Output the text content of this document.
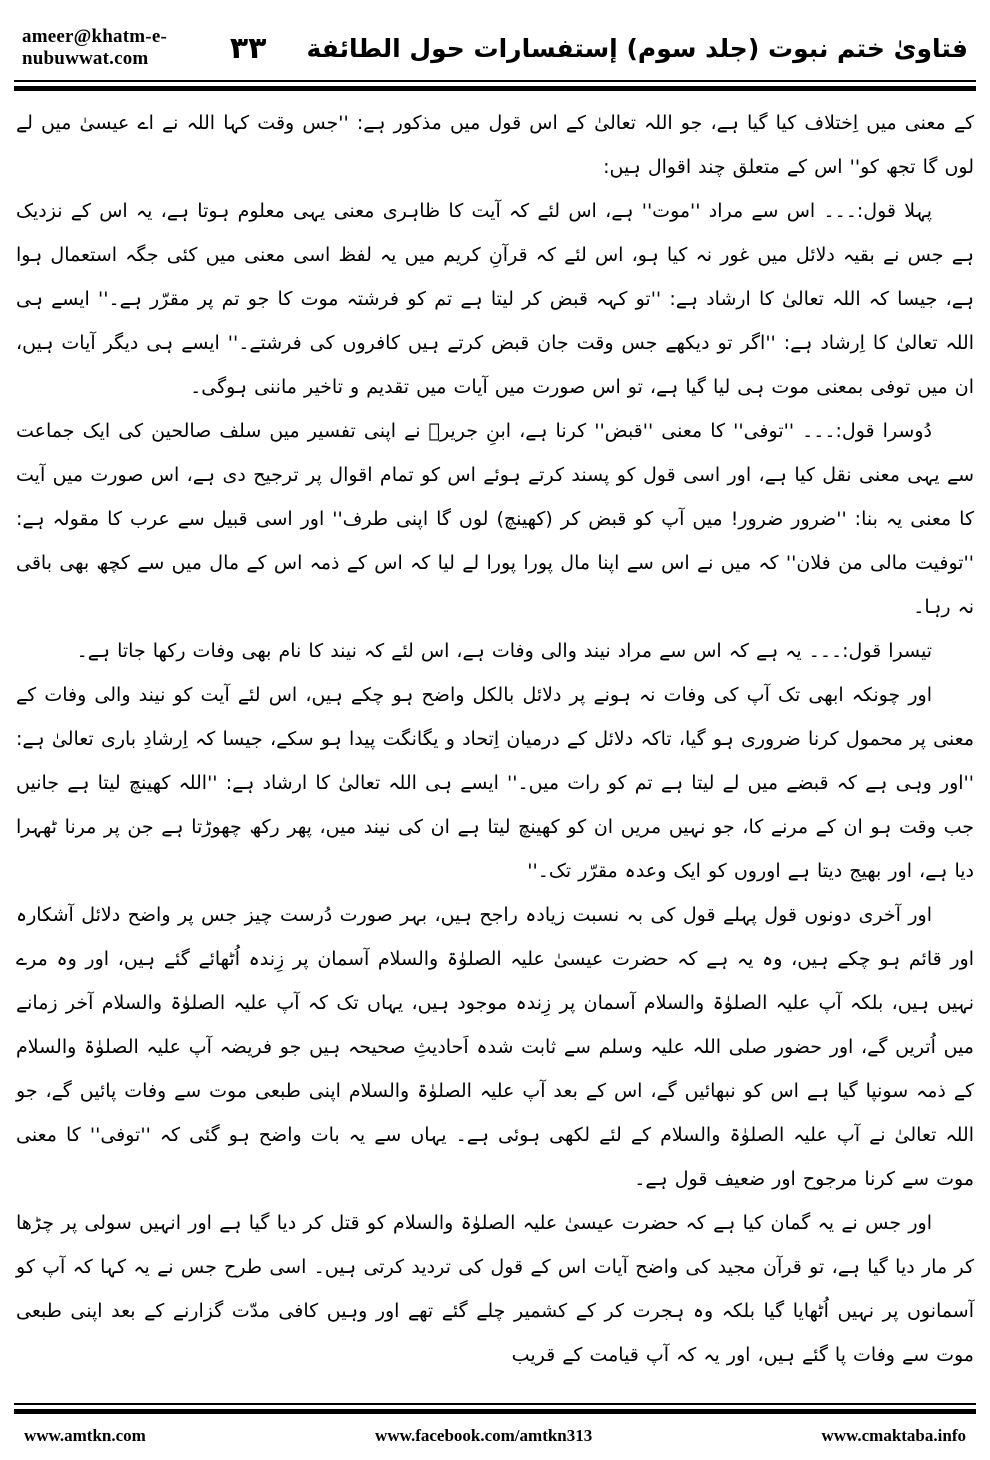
ameer@khatm-e-nubuwwat.com	۳۳ فتاویٰ ختم نبوت (جلد سوم) إستفسارات حول الطائفة

کے معنی میں اِختلاف کیا گیا ہے، جو اللہ تعالیٰ کے اس قول میں مذکور ہے: ''جس وقت کہا اللہ نے اے عیسیٰ میں لے لوں گا تجھ کو'' اس کے متعلق چند اقوال ہیں:

پہلا قول:۔۔۔ اس سے مراد ''موت'' ہے، اس لئے کہ آیت کا ظاہری معنی یہی معلوم ہوتا ہے، یہ اس کے نزدیک ہے جس نے بقیہ دلائل میں غور نہ کیا ہو، اس لئے کہ قرآنِ کریم میں یہ لفظ اسی معنی میں کئی جگہ استعمال ہوا ہے، جیسا کہ اللہ تعالیٰ کا ارشاد ہے: ''تو کہہ قبض کر لیتا ہے تم کو فرشتہ موت کا جو تم پر مقرّر ہے۔'' ایسے ہی اللہ تعالیٰ کا اِرشاد ہے: ''اگر تو دیکھے جس وقت جان قبض کرتے ہیں کافروں کی فرشتے۔'' ایسے ہی دیگر آیات ہیں، ان میں توفی بمعنی موت ہی لیا گیا ہے، تو اس صورت میں آیات میں تقدیم و تاخیر ماننی ہوگی۔

دُوسرا قول:۔۔۔ ''توفی'' کا معنی ''قبض'' کرنا ہے، ابنِ جریرؒ نے اپنی تفسیر میں سلف صالحین کی ایک جماعت سے یہی معنی نقل کیا ہے، اور اسی قول کو پسند کرتے ہوئے اس کو تمام اقوال پر ترجیح دی ہے، اس صورت میں آیت کا معنی یہ بنا: ''ضرور ضرور! میں آپ کو قبض کر (کھینچ) لوں گا اپنی طرف'' اور اسی قبیل سے عرب کا مقولہ ہے: ''توفیت مالی من فلان'' کہ میں نے اس سے اپنا مال پورا پورا لے لیا کہ اس کے ذمہ اس کے مال میں سے کچھ بھی باقی نہ رہا۔

تیسرا قول:۔۔۔ یہ ہے کہ اس سے مراد نیند والی وفات ہے، اس لئے کہ نیند کا نام بھی وفات رکھا جاتا ہے۔

اور چونکہ ابھی تک آپ کی وفات نہ ہونے پر دلائل بالکل واضح ہو چکے ہیں، اس لئے آیت کو نیند والی وفات کے معنی پر محمول کرنا ضروری ہو گیا، تاکہ دلائل کے درمیان اِتحاد و یگانگت پیدا ہو سکے، جیسا کہ اِرشادِ باری تعالیٰ ہے: ''اور وہی ہے کہ قبضے میں لے لیتا ہے تم کو رات میں۔'' ایسے ہی اللہ تعالیٰ کا ارشاد ہے: ''اللہ کھینچ لیتا ہے جانیں جب وقت ہو ان کے مرنے کا، جو نہیں مریں ان کو کھینچ لیتا ہے ان کی نیند میں، پھر رکھ چھوڑتا ہے جن پر مرنا ٹھہرا دیا ہے، اور بھیج دیتا ہے اوروں کو ایک وعدہ مقرّر تک۔''

اور آخری دونوں قول پہلے قول کی بہ نسبت زیادہ راجح ہیں، بہر صورت دُرست چیز جس پر واضح دلائل آشکارہ اور قائم ہو چکے ہیں، وہ یہ ہے کہ حضرت عیسیٰ علیہ الصلوٰۃ والسلام آسمان پر زِندہ اُٹھائے گئے ہیں، اور وہ مرے نہیں ہیں، بلکہ آپ علیہ الصلوٰۃ والسلام آسمان پر زِندہ موجود ہیں، یہاں تک کہ آپ علیہ الصلوٰۃ والسلام آخر زمانے میں اُتریں گے، اور حضور صلی اللہ علیہ وسلم سے ثابت شدہ اَحادیثِ صحیحہ ہیں جو فریضہ آپ علیہ الصلوٰۃ والسلام کے ذمہ سونپا گیا ہے اس کو نبھائیں گے، اس کے بعد آپ علیہ الصلوٰۃ والسلام اپنی طبعی موت سے وفات پائیں گے، جو اللہ تعالیٰ نے آپ علیہ الصلوٰۃ والسلام کے لئے لکھی ہوئی ہے۔ یہاں سے یہ بات واضح ہو گئی کہ ''توفی'' کا معنی موت سے کرنا مرجوح اور ضعیف قول ہے۔

اور جس نے یہ گمان کیا ہے کہ حضرت عیسیٰ علیہ الصلوٰۃ والسلام کو قتل کر دیا گیا ہے اور انہیں سولی پر چڑھا کر مار دیا گیا ہے، تو قرآن مجید کی واضح آیات اس کے قول کی تردید کرتی ہیں۔ اسی طرح جس نے یہ کہا کہ آپ کو آسمانوں پر نہیں اُٹھایا گیا بلکہ وہ ہجرت کر کے کشمیر چلے گئے تھے اور وہیں کافی مدّت گزارنے کے بعد اپنی طبعی موت سے وفات پا گئے ہیں، اور یہ کہ آپ قیامت کے قریب

www.amtkn.com	www.facebook.com/amtkn313	www.cmaktaba.info
